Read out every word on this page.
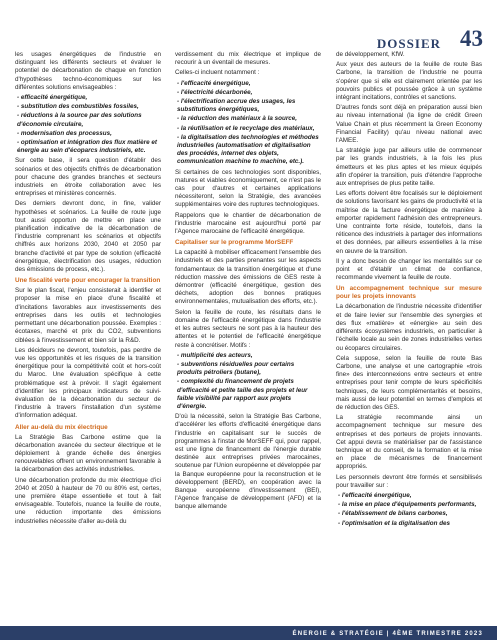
DOSSIER 43

les usages énergétiques de l'industrie en distinguant les différents secteurs et évaluer le potentiel de décarbonation de chaque en fonction d'hypothèses techno-économiques sur les différentes solutions envisageables :

- efficacité énergétique,
- substitution des combustibles fossiles,
- réductions à la source par des solutions d'économie circulaire,
- modernisation des processus,
- optimisation et intégration des flux matière et énergie au sein d'écoparcs industriels, etc.

Sur cette base, il sera question d'établir des scénarios et des objectifs chiffrés de décarbonation pour chacune des grandes branches et secteurs industriels en étroite collaboration avec les entreprises et ministères concernés.

Des derniers devront donc, in fine, valider hypothèses et scénarios. La feuille de route juge tout aussi opportun de mettre en place une planification indicative de la décarbonation de l'industrie comprenant les scénarios et objectifs chiffrés aux horizons 2030, 2040 et 2050 par branche d'activité et par type de solution (efficacité énergétique, électrification des usages, réduction des émissions de process, etc.).

Une fiscalité verte pour encourager la transition

Sur le plan fiscal, l'enjeu consisterait à identifier et proposer la mise en place d'une fiscalité et d'incitations favorables aux investissements des entreprises dans les outils et technologies permettant une décarbonation poussée. Exemples : écotaxes, marché et prix du CO2, subventions ciblées à l'investissement et bien sûr la R&D.

Les décideurs ne devront, toutefois, pas perdre de vue les opportunités et les risques de la transition énergétique pour la compétitivité coût et hors-coût du Maroc. Une évaluation spécifique à cette problématique est à prévoir. Il s'agit également d'identifier les principaux indicateurs de suivi-évaluation de la décarbonation du secteur de l'industrie à travers l'installation d'un système d'information adéquat.

Aller au-delà du mix électrique

La Stratégie Bas Carbone estime que la décarbonation avancée du secteur électrique et le déploiement à grande échelle des énergies renouvelables offrent un environnement favorable à la décarbonation des activités industrielles.

Une décarbonation profonde du mix électrique d'ici 2040 et 2050 à hauteur de 70 ou 80% est, certes, une première étape essentielle et tout à fait envisageable. Toutefois, nuance la feuille de route, une réduction importante des émissions industrielles nécessite d'aller au-delà du

verdissement du mix électrique et implique de recourir à un éventail de mesures.

Celles-ci incluent notamment :

- l'efficacité énergétique,
- l'électricité décarbonée,
- l'électrification accrue des usages, les substitutions énergétiques,
- la réduction des matériaux à la source,
- la réutilisation et le recyclage des matériaux,
- la digitalisation des technologies et méthodes industrielles (automatisation et digitalisation des procédés, internet des objets, communication machine to machine, etc.).

Si certaines de ces technologies sont disponibles, matures et viables économiquement, ce n'est pas le cas pour d'autres et certaines applications nécessiteront, selon la Stratégie, des avancées supplémentaires voire des ruptures technologiques.

Rappelons que le chantier de décarbonation de l'industrie marocaine est aujourd'hui porté par l'Agence marocaine de l'efficacité énergétique.

Capitaliser sur le programme MorSEFF

La capacité à mobiliser efficacement l'ensemble des industriels et des parties prenantes sur les aspects fondamentaux de la transition énergétique et d'une réduction massive des émissions de GES reste à démontrer (efficacité énergétique, gestion des déchets, adoption des bonnes pratiques environnementales, mutualisation des efforts, etc.).

Selon la feuille de route, les résultats dans le domaine de l'efficacité énergétique dans l'industrie et les autres secteurs ne sont pas à la hauteur des attentes et le potentiel de l'efficacité énergétique reste à concrétiser. Motifs :

- multiplicité des acteurs,
- subventions résiduelles pour certains produits pétroliers (butane),
- complexité du financement de projets d'efficacité et petite taille des projets et leur faible visibilité par rapport aux projets d'énergie.

D'où la nécessité, selon la Stratégie Bas Carbone, d'accélérer les efforts d'efficacité énergétique dans l'industrie en capitalisant sur le succès de programmes à l'instar de MorSEFF qui, pour rappel, est une ligne de financement de l'énergie durable destinée aux entreprises privées marocaines, soutenue par l'Union européenne et développée par la Banque européenne pour la reconstruction et le développement (BERD), en coopération avec la Banque européenne d'investissement (BEI), l'Agence française de développement (AFD) et la banque allemande

de développement, KfW.

Aux yeux des auteurs de la feuille de route Bas Carbone, la transition de l'industrie ne pourra s'opérer que si elle est clairement orientée par les pouvoirs publics et poussée grâce à un système intégrant incitations, contrôles et sanctions.

D'autres fonds sont déjà en préparation aussi bien au niveau international (la ligne de crédit Green Value Chain et plus récemment la Green Economy Financial Facility) qu'au niveau national avec l'AMEE.

La stratégie juge par ailleurs utile de commencer par les grands industriels, à la fois les plus émetteurs et les plus aptes et les mieux équipés afin d'opérer la transition, puis d'étendre l'approche aux entreprises de plus petite taille.

Les efforts doivent être focalisés sur le déploiement de solutions favorisant les gains de productivité et la maîtrise de la facture énergétique de manière à emporter rapidement l'adhésion des entrepreneurs. Une contrainte forte réside, toutefois, dans la réticence des industriels à partager des informations et des données, par ailleurs essentielles à la mise en œuvre de la transition.

Il y a donc besoin de changer les mentalités sur ce point et d'établir un climat de confiance, recommande vivement la feuille de route.

Un accompagnement technique sur mesure pour les projets innovants

La décarbonation de l'industrie nécessite d'identifier et de faire levier sur l'ensemble des synergies et des flux «matière» et «énergie» au sein des différents écosystèmes industriels, en particulier à l'échelle locale au sein de zones industrielles vertes ou écoparcs circulaires.

Cela suppose, selon la feuille de route Bas Carbone, une analyse et une cartographie «trois fine» des interconnexions entre secteurs et entre entreprises pour tenir compte de leurs spécificités techniques, de leurs complémentarités et besoins, mais aussi de leur potentiel en termes d'emplois et de réduction des GES.

La stratégie recommande ainsi un accompagnement technique sur mesure des entreprises et des porteurs de projets innovants. Cet appui devra se matérialiser par de l'assistance technique et du conseil, de la formation et la mise en place de mécanismes de financement appropriés.

Les personnels devront être formés et sensibilisés pour travailler sur :

- l'efficacité énergétique,
- la mise en place d'équipements performants,
- l'établissement de bilans carbones,
- l'optimisation et la digitalisation des
ÉNERGIE & STRATÉGIE | 4ÈME TRIMESTRE 2023
